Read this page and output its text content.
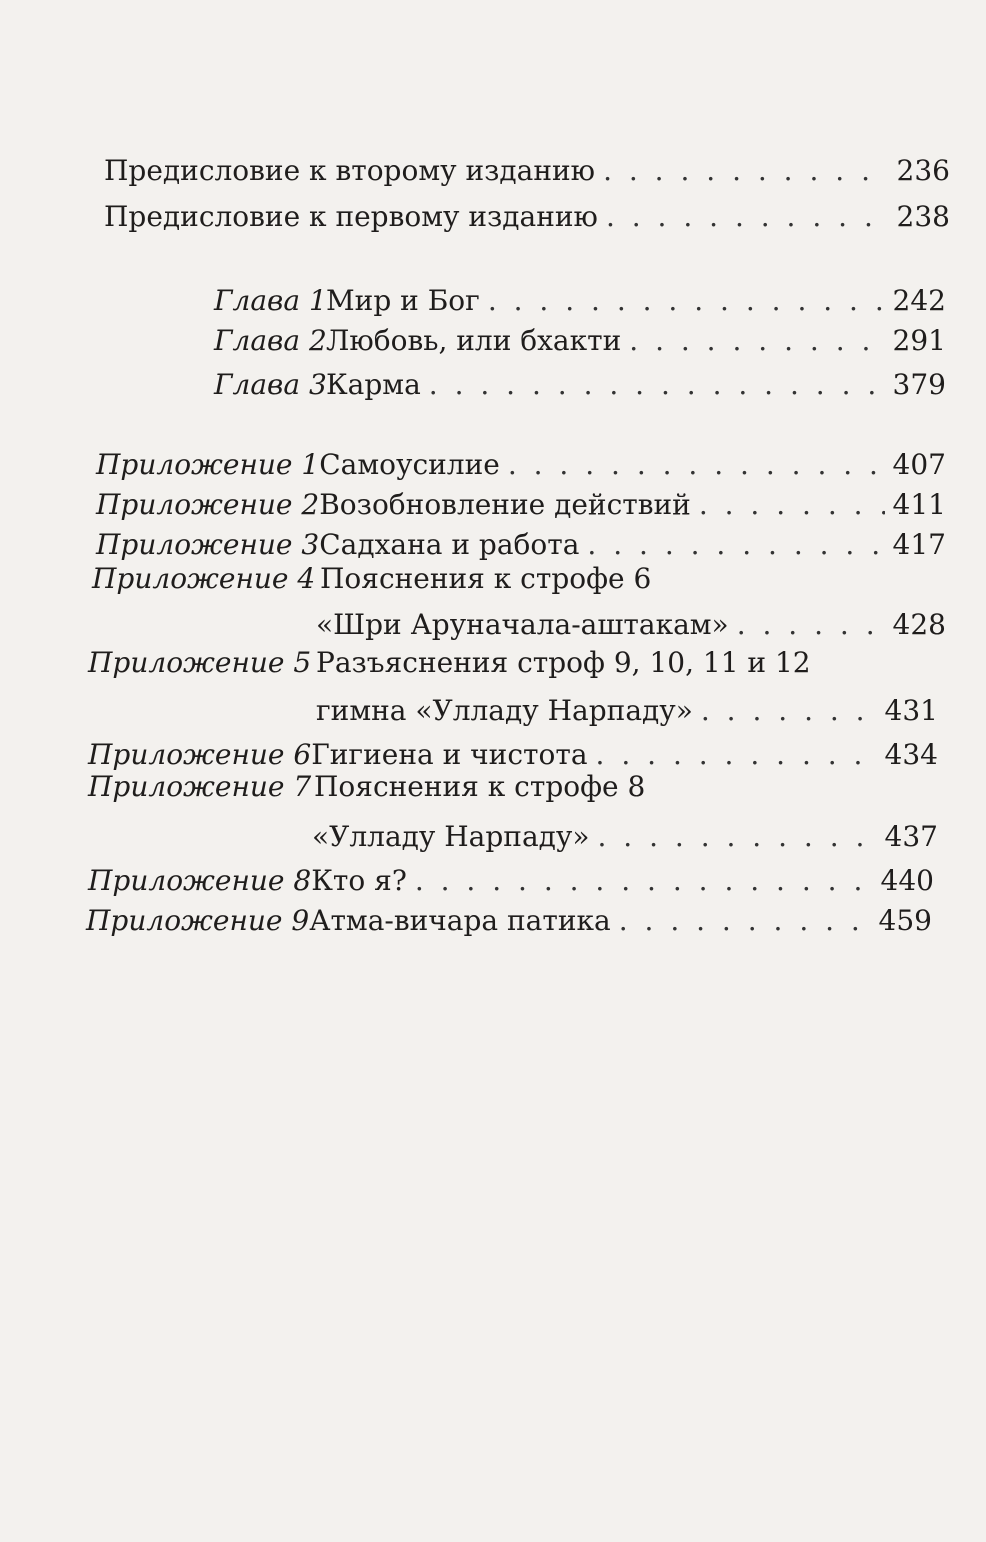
Предисловие к второму изданию . . .	236
Предисловие к первому изданию . . .	238
Глава 1 Мир и Бог . . .	242
Глава 2 Любовь, или бхакти . . .	291
Глава 3 Карма . . .	379
Приложение 1 Самоусилие . . .	407
Приложение 2 Возобновление действий . . .	411
Приложение 3 Садхана и работа . . .	417
Приложение 4 Пояснения к строфе 6
«Шри Аруначала-аштакам» . . .	428
Приложение 5 Разъяснения строф 9, 10, 11 и 12
гимна «Улладу Нарпаду» . . .	431
Приложение 6 Гигиена и чистота . . .	434
Приложение 7 Пояснения к строфе 8
«Улладу Нарпаду» . . .	437
Приложение 8 Кто я? . . .	440
Приложение 9 Атма-вичара патика . . .	459
